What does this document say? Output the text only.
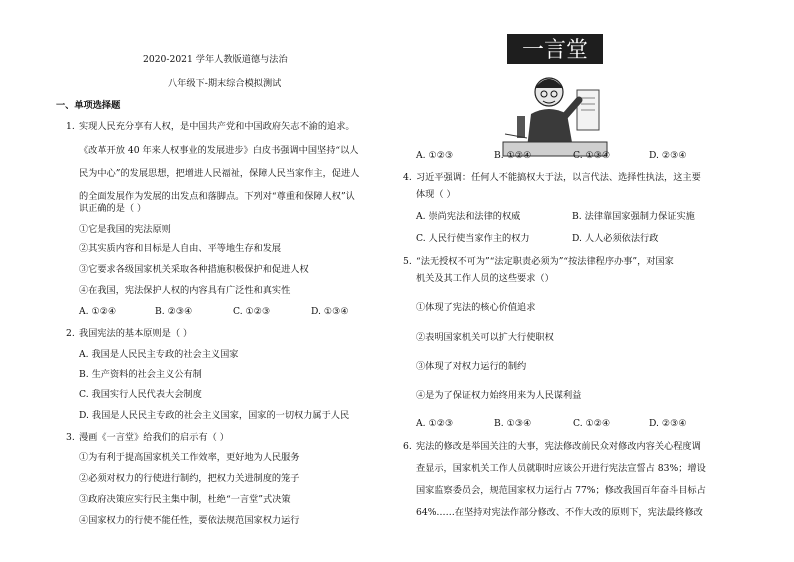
2020-2021 学年人教版道德与法治
八年级下-期末综合模拟测试
一、单项选择题
1. 实现人民充分享有人权，是中国共产党和中国政府矢志不渝的追求。
《改革开放 40 年来人权事业的发展进步》白皮书强调中国坚持“以人
民为中心”的发展思想，把增进人民福祉，保障人民当家作主，促进人
的全面发展作为发展的出发点和落脚点。下列对“尊重和保障人权”认
识正确的是（ ）
①它是我国的宪法原则
②其实质内容和目标是人自由、平等地生存和发展
③它要求各级国家机关采取各种措施积极保护和促进人权
④在我国，宪法保护人权的内容具有广泛性和真实性
A. ①②④	B. ②③④	C. ①②③	D. ①③④
2. 我国宪法的基本原则是（ ）
A. 我国是人民民主专政的社会主义国家
B. 生产资料的社会主义公有制
C. 我国实行人民代表大会制度
D. 我国是人民民主专政的社会主义国家，国家的一切权力属于人民
3. 漫画《一言堂》给我们的启示有（ ）
①为有利于提高国家机关工作效率，更好地为人民服务
②必须对权力的行使进行制约，把权力关进制度的笼子
③政府决策应实行民主集中制，杜绝“一言堂”式决策
④国家权力的行使不能任性，要依法规范国家权力运行
一言堂
A. ①②③	B. ①②④	C. ①③④	D. ②③④
4. 习近平强调：任何人不能搞权大于法，以言代法、选择性执法，这主要
体现（ ）
A. 崇尚宪法和法律的权威	B. 法律靠国家强制力保证实施
C. 人民行使当家作主的权力	D. 人人必须依法行政
5. “法无授权不可为”“法定职责必须为”“按法律程序办事”，对国家
机关及其工作人员的这些要求（）
①体现了宪法的核心价值追求
②表明国家机关可以扩大行使职权
③体现了对权力运行的制约
④是为了保证权力始终用来为人民谋利益
A. ①②③	B. ①③④	C. ①②④	D. ②③④
6. 宪法的修改是举国关注的大事，宪法修改前民众对修改内容关心程度调
查显示，国家机关工作人员就职时应该公开进行宪法宣誓占 83%；增设
国家监察委员会，规范国家权力运行占 77%；修改我国百年奋斗目标占
64%……在坚持对宪法作部分修改、不作大改的原则下，宪法最终修改
